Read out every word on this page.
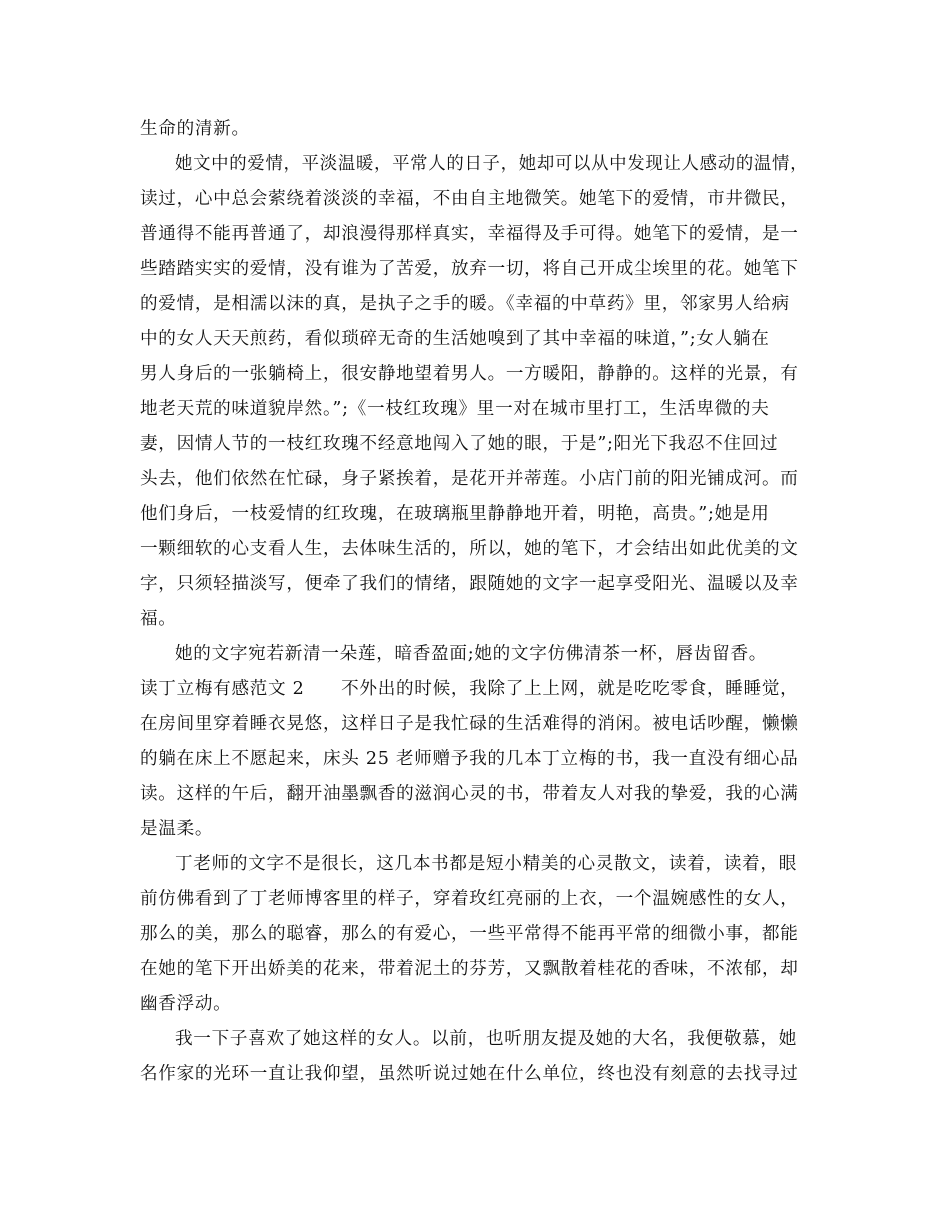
生命的清新。

她文中的爱情，平淡温暖，平常人的日子，她却可以从中发现让人感动的温情，

读过，心中总会萦绕着淡淡的幸福，不由自主地微笑。她笔下的爱情，市井微民，

普通得不能再普通了，却浪漫得那样真实，幸福得及手可得。她笔下的爱情，是一

些踏踏实实的爱情，没有谁为了苦爱，放弃一切，将自己开成尘埃里的花。她笔下

的爱情，是相濡以沫的真，是执子之手的暖。《幸福的中草药》里，邻家男人给病

中的女人天天煎药，看似琐碎无奇的生活她嗅到了其中幸福的味道，”;女人躺在

男人身后的一张躺椅上，很安静地望着男人。一方暖阳，静静的。这样的光景，有

地老天荒的味道貌岸然。”;《一枝红玫瑰》里一对在城市里打工，生活卑微的夫

妻，因情人节的一枝红玫瑰不经意地闯入了她的眼，于是”;阳光下我忍不住回过

头去，他们依然在忙碌，身子紧挨着，是花开并蒂莲。小店门前的阳光铺成河。而

他们身后，一枝爱情的红玫瑰，在玻璃瓶里静静地开着，明艳，高贵。”;她是用

一颗细软的心支看人生，去体味生活的，所以，她的笔下，才会结出如此优美的文

字，只须轻描淡写，便牵了我们的情绪，跟随她的文字一起享受阳光、温暖以及幸

福。

她的文字宛若新清一朵莲，暗香盈面;她的文字仿佛清茶一杯，唇齿留香。

读丁立梅有感范文 2　　不外出的时候，我除了上上网，就是吃吃零食，睡睡觉，

在房间里穿着睡衣晃悠，这样日子是我忙碌的生活难得的消闲。被电话吵醒，懒懒

的躺在床上不愿起来，床头 25 老师赠予我的几本丁立梅的书，我一直没有细心品

读。这样的午后，翻开油墨飘香的滋润心灵的书，带着友人对我的挚爱，我的心满

是温柔。

丁老师的文字不是很长，这几本书都是短小精美的心灵散文，读着，读着，眼

前仿佛看到了丁老师博客里的样子，穿着玫红亮丽的上衣，一个温婉感性的女人，

那么的美，那么的聪睿，那么的有爱心，一些平常得不能再平常的细微小事，都能

在她的笔下开出娇美的花来，带着泥土的芬芳，又飘散着桂花的香味，不浓郁，却

幽香浮动。

我一下子喜欢了她这样的女人。以前，也听朋友提及她的大名，我便敬慕，她

名作家的光环一直让我仰望，虽然听说过她在什么单位，终也没有刻意的去找寻过
